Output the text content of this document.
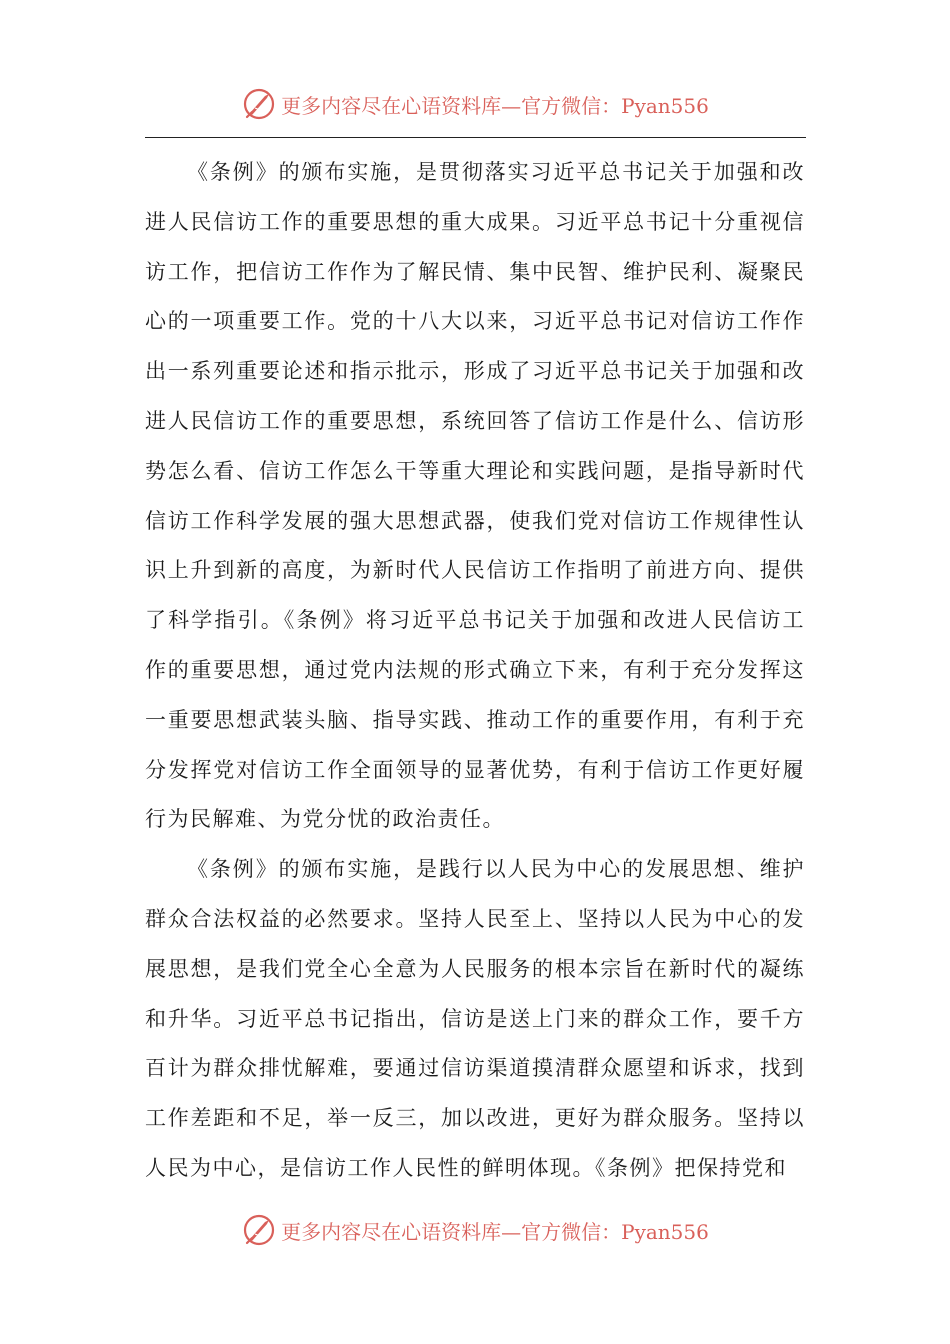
更多内容尽在心语资料库—官方微信：Pyan556

《条例》的颁布实施，是贯彻落实习近平总书记关于加强和改进人民信访工作的重要思想的重大成果。习近平总书记十分重视信访工作，把信访工作作为了解民情、集中民智、维护民利、凝聚民心的一项重要工作。党的十八大以来，习近平总书记对信访工作作出一系列重要论述和指示批示，形成了习近平总书记关于加强和改进人民信访工作的重要思想，系统回答了信访工作是什么、信访形势怎么看、信访工作怎么干等重大理论和实践问题，是指导新时代信访工作科学发展的强大思想武器，使我们党对信访工作规律性认识上升到新的高度，为新时代人民信访工作指明了前进方向、提供了科学指引。《条例》将习近平总书记关于加强和改进人民信访工作的重要思想，通过党内法规的形式确立下来，有利于充分发挥这一重要思想武装头脑、指导实践、推动工作的重要作用，有利于充分发挥党对信访工作全面领导的显著优势，有利于信访工作更好履行为民解难、为党分忧的政治责任。

《条例》的颁布实施，是践行以人民为中心的发展思想、维护群众合法权益的必然要求。坚持人民至上、坚持以人民为中心的发展思想，是我们党全心全意为人民服务的根本宗旨在新时代的凝练和升华。习近平总书记指出，信访是送上门来的群众工作，要千方百计为群众排忧解难，要通过信访渠道摸清群众愿望和诉求，找到工作差距和不足，举一反三，加以改进，更好为群众服务。坚持以人民为中心，是信访工作人民性的鲜明体现。《条例》把保持党和

更多内容尽在心语资料库—官方微信：Pyan556
